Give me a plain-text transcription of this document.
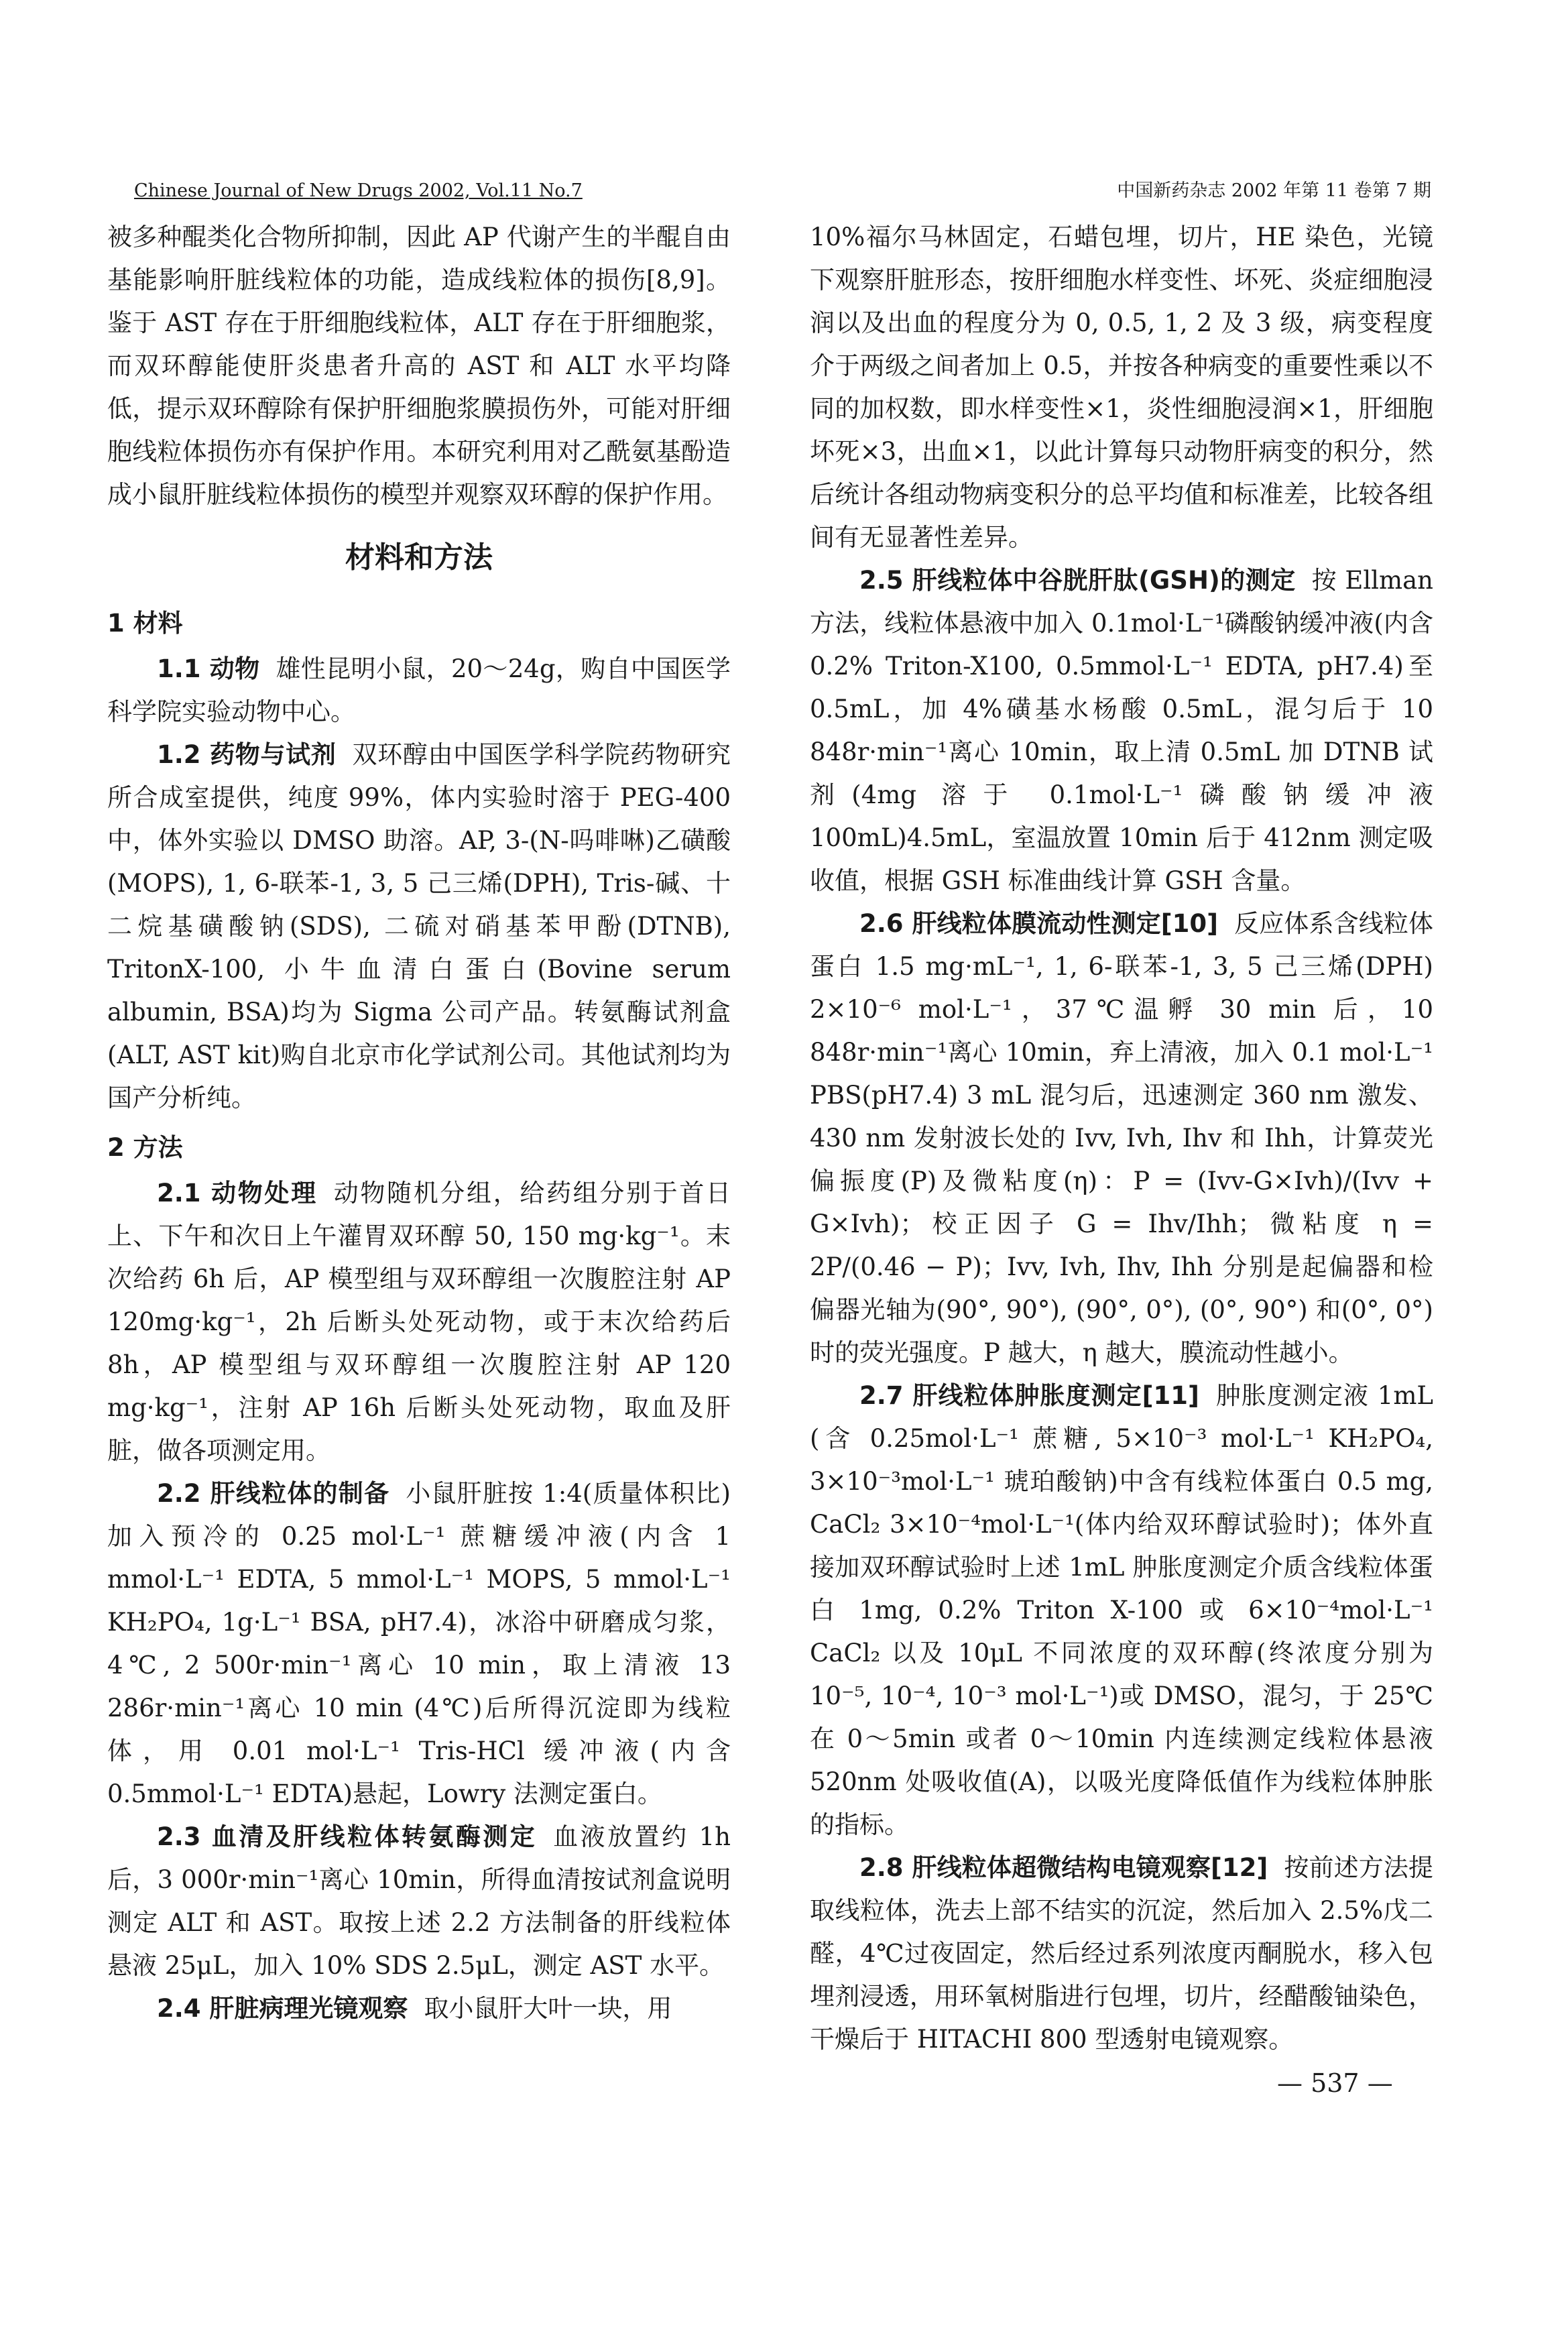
Chinese Journal of New Drugs 2002, Vol.11 No.7	中国新药杂志 2002 年第 11 卷第 7 期

被多种醌类化合物所抑制，因此 AP 代谢产生的半醌自由基能影响肝脏线粒体的功能，造成线粒体的损伤[8,9]。鉴于 AST 存在于肝细胞线粒体，ALT 存在于肝细胞浆，而双环醇能使肝炎患者升高的 AST 和 ALT 水平均降低，提示双环醇除有保护肝细胞浆膜损伤外，可能对肝细胞线粒体损伤亦有保护作用。本研究利用对乙酰氨基酚造成小鼠肝脏线粒体损伤的模型并观察双环醇的保护作用。

材料和方法

1 材料

1.1 动物 雄性昆明小鼠，20～24g，购自中国医学科学院实验动物中心。

1.2 药物与试剂 双环醇由中国医学科学院药物研究所合成室提供，纯度 99%，体内实验时溶于 PEG-400 中，体外实验以 DMSO 助溶。AP, 3-(N-吗啡啉)乙磺酸(MOPS), 1, 6-联苯-1, 3, 5 己三烯(DPH), Tris-碱、十二烷基磺酸钠(SDS), 二硫对硝基苯甲酚(DTNB), TritonX-100, 小牛血清白蛋白(Bovine serum albumin, BSA)均为 Sigma 公司产品。转氨酶试剂盒(ALT, AST kit)购自北京市化学试剂公司。其他试剂均为国产分析纯。

2 方法

2.1 动物处理 动物随机分组，给药组分别于首日上、下午和次日上午灌胃双环醇 50, 150 mg·kg⁻¹。末次给药 6h 后，AP 模型组与双环醇组一次腹腔注射 AP 120mg·kg⁻¹，2h 后断头处死动物，或于末次给药后 8h，AP 模型组与双环醇组一次腹腔注射 AP 120 mg·kg⁻¹，注射 AP 16h 后断头处死动物，取血及肝脏，做各项测定用。

2.2 肝线粒体的制备 小鼠肝脏按 1:4(质量体积比)加入预冷的 0.25 mol·L⁻¹ 蔗糖缓冲液(内含 1 mmol·L⁻¹ EDTA, 5 mmol·L⁻¹ MOPS, 5 mmol·L⁻¹ KH₂PO₄, 1g·L⁻¹ BSA, pH7.4)，冰浴中研磨成匀浆，4℃, 2 500r·min⁻¹离心 10 min，取上清液 13 286r·min⁻¹离心 10 min (4℃)后所得沉淀即为线粒体，用 0.01 mol·L⁻¹ Tris-HCl 缓冲液(内含 0.5mmol·L⁻¹ EDTA)悬起，Lowry 法测定蛋白。

2.3 血清及肝线粒体转氨酶测定 血液放置约 1h 后，3 000r·min⁻¹离心 10min，所得血清按试剂盒说明测定 ALT 和 AST。取按上述 2.2 方法制备的肝线粒体悬液 25μL，加入 10% SDS 2.5μL，测定 AST 水平。

2.4 肝脏病理光镜观察 取小鼠肝大叶一块，用

10%福尔马林固定，石蜡包埋，切片，HE 染色，光镜下观察肝脏形态，按肝细胞水样变性、坏死、炎症细胞浸润以及出血的程度分为 0, 0.5, 1, 2 及 3 级，病变程度介于两级之间者加上 0.5，并按各种病变的重要性乘以不同的加权数，即水样变性×1，炎性细胞浸润×1，肝细胞坏死×3，出血×1，以此计算每只动物肝病变的积分，然后统计各组动物病变积分的总平均值和标准差，比较各组间有无显著性差异。

2.5 肝线粒体中谷胱肝肽(GSH)的测定 按 Ellman 方法，线粒体悬液中加入 0.1mol·L⁻¹磷酸钠缓冲液(内含 0.2% Triton-X100, 0.5mmol·L⁻¹ EDTA, pH7.4)至 0.5mL，加 4%磺基水杨酸 0.5mL，混匀后于 10 848r·min⁻¹离心 10min，取上清 0.5mL 加 DTNB 试剂(4mg 溶于 0.1mol·L⁻¹磷酸钠缓冲液 100mL)4.5mL，室温放置 10min 后于 412nm 测定吸收值，根据 GSH 标准曲线计算 GSH 含量。

2.6 肝线粒体膜流动性测定[10] 反应体系含线粒体蛋白 1.5 mg·mL⁻¹, 1, 6-联苯-1, 3, 5 己三烯(DPH) 2×10⁻⁶ mol·L⁻¹，37℃温孵 30 min 后，10 848r·min⁻¹离心 10min，弃上清液，加入 0.1 mol·L⁻¹ PBS(pH7.4) 3 mL 混匀后，迅速测定 360 nm 激发、430 nm 发射波长处的 Ivv, Ivh, Ihv 和 Ihh，计算荧光偏振度(P)及微粘度(η)：P = (Ivv-G×Ivh)/(Ivv + G×Ivh)；校正因子 G = Ihv/Ihh；微粘度 η = 2P/(0.46 − P)；Ivv, Ivh, Ihv, Ihh 分别是起偏器和检偏器光轴为(90°, 90°), (90°, 0°), (0°, 90°) 和(0°, 0°)时的荧光强度。P 越大，η 越大，膜流动性越小。

2.7 肝线粒体肿胀度测定[11] 肿胀度测定液 1mL (含 0.25mol·L⁻¹ 蔗糖, 5×10⁻³ mol·L⁻¹ KH₂PO₄, 3×10⁻³mol·L⁻¹ 琥珀酸钠)中含有线粒体蛋白 0.5 mg, CaCl₂ 3×10⁻⁴mol·L⁻¹(体内给双环醇试验时)；体外直接加双环醇试验时上述 1mL 肿胀度测定介质含线粒体蛋白 1mg, 0.2% Triton X-100 或 6×10⁻⁴mol·L⁻¹ CaCl₂ 以及 10μL 不同浓度的双环醇(终浓度分别为 10⁻⁵, 10⁻⁴, 10⁻³ mol·L⁻¹)或 DMSO，混匀，于 25℃在 0～5min 或者 0～10min 内连续测定线粒体悬液 520nm 处吸收值(A)，以吸光度降低值作为线粒体肿胀的指标。

2.8 肝线粒体超微结构电镜观察[12] 按前述方法提取线粒体，洗去上部不结实的沉淀，然后加入 2.5%戊二醛，4℃过夜固定，然后经过系列浓度丙酮脱水，移入包埋剂浸透，用环氧树脂进行包埋，切片，经醋酸铀染色，干燥后于 HITACHI 800 型透射电镜观察。

— 537 —
